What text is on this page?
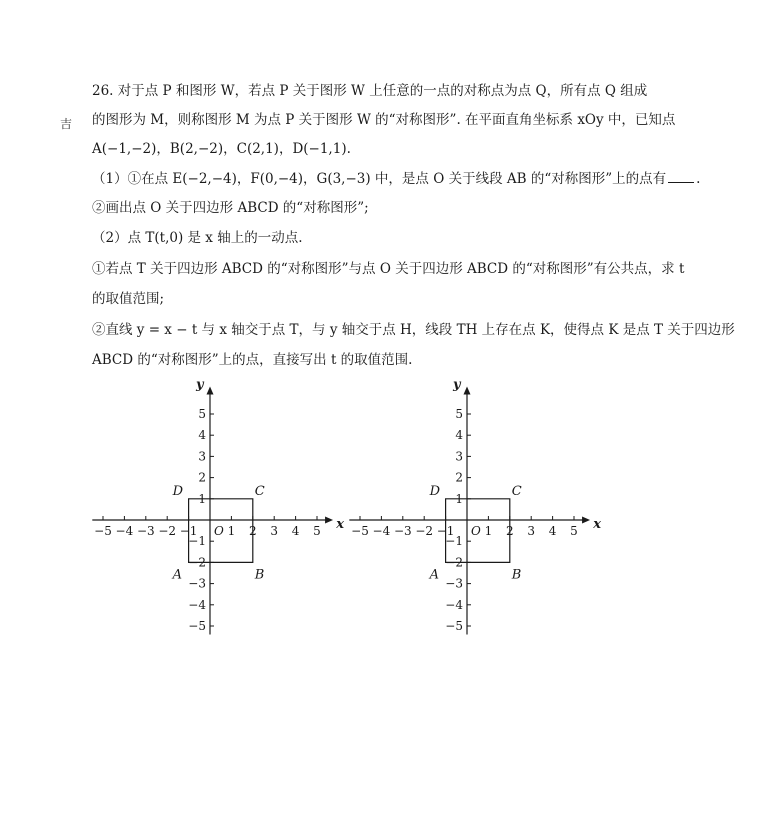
吉
26. 对于点 P 和图形 W，若点 P 关于图形 W 上任意的一点的对称点为点 Q，所有点 Q 组成
的图形为 M，则称图形 M 为点 P 关于图形 W 的“对称图形”. 在平面直角坐标系 xOy 中，已知点
A(−1,−2)，B(2,−2)，C(2,1)，D(−1,1).
（1）①在点 E(−2,−4)，F(0,−4)，G(3,−3) 中，是点 O 关于线段 AB 的“对称图形”上的点有 .
②画出点 O 关于四边形 ABCD 的“对称图形”;
（2）点 T(t,0) 是 x 轴上的一动点.
①若点 T 关于四边形 ABCD 的“对称图形”与点 O 关于四边形 ABCD 的“对称图形”有公共点，求 t
的取值范围;
②直线 y = x − t 与 x 轴交于点 T，与 y 轴交于点 H，线段 TH 上存在点 K，使得点 K 是点 T 关于四边形
ABCD 的“对称图形”上的点，直接写出 t 的取值范围.
−5 −4 −3 −2 −1	1 2 3 4 5
5
4
3
2
1
−1
−2
−3
−4
−5
x
y
O
A	B
C
D
−5 −4 −3 −2 −1	1 2 3 4 5
5
4
3
2
1
−1
−2
−3
−4
−5
x
y
O
A	B
C
D
